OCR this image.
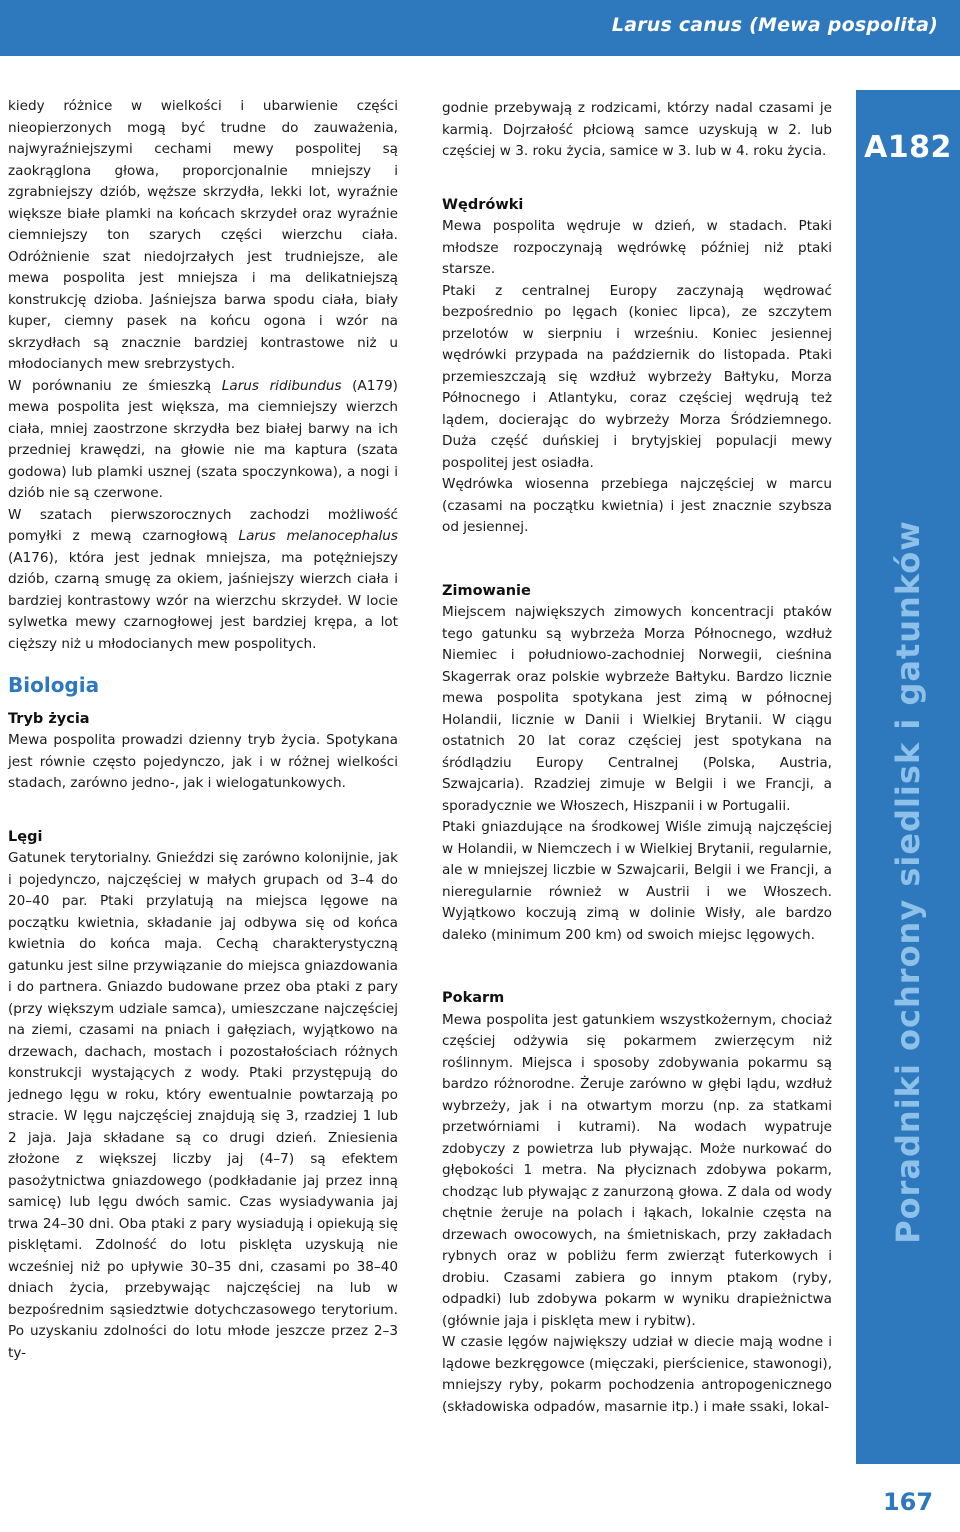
Larus canus (Mewa pospolita)
A182
Poradniki ochrony siedlisk i gatunków
167

kiedy różnice w wielkości i ubarwienie części nieopierzonych mogą być trudne do zauważenia, najwyraźniejszymi cechami mewy pospolitej są zaokrąglona głowa, proporcjonalnie mniejszy i zgrabniejszy dziób, węższe skrzydła, lekki lot, wyraźnie większe białe plamki na końcach skrzydeł oraz wyraźnie ciemniejszy ton szarych części wierzchu ciała. Odróżnienie szat niedojrzałych jest trudniejsze, ale mewa pospolita jest mniejsza i ma delikatniejszą konstrukcję dzioba. Jaśniejsza barwa spodu ciała, biały kuper, ciemny pasek na końcu ogona i wzór na skrzydłach są znacznie bardziej kontrastowe niż u młodocianych mew srebrzystych.

W porównaniu ze śmieszką Larus ridibundus (A179) mewa pospolita jest większa, ma ciemniejszy wierzch ciała, mniej zaostrzone skrzydła bez białej barwy na ich przedniej krawędzi, na głowie nie ma kaptura (szata godowa) lub plamki usznej (szata spoczynkowa), a nogi i dziób nie są czerwone.

W szatach pierwszorocznych zachodzi możliwość pomyłki z mewą czarnogłową Larus melanocephalus (A176), która jest jednak mniejsza, ma potężniejszy dziób, czarną smugę za okiem, jaśniejszy wierzch ciała i bardziej kontrastowy wzór na wierzchu skrzydeł. W locie sylwetka mewy czarnogłowej jest bardziej krępa, a lot cięższy niż u młodocianych mew pospolitych.

Biologia
Tryb życia

Mewa pospolita prowadzi dzienny tryb życia. Spotykana jest równie często pojedynczo, jak i w różnej wielkości stadach, zarówno jedno-, jak i wielogatunkowych.

Lęgi

Gatunek terytorialny. Gnieździ się zarówno kolonijnie, jak i pojedynczo, najczęściej w małych grupach od 3–4 do 20–40 par. Ptaki przylatują na miejsca lęgowe na początku kwietnia, składanie jaj odbywa się od końca kwietnia do końca maja. Cechą charakterystyczną gatunku jest silne przywiązanie do miejsca gniazdowania i do partnera. Gniazdo budowane przez oba ptaki z pary (przy większym udziale samca), umieszczane najczęściej na ziemi, czasami na pniach i gałęziach, wyjątkowo na drzewach, dachach, mostach i pozostałościach różnych konstrukcji wystających z wody. Ptaki przystępują do jednego lęgu w roku, który ewentualnie powtarzają po stracie. W lęgu najczęściej znajdują się 3, rzadziej 1 lub 2 jaja. Jaja składane są co drugi dzień. Zniesienia złożone z większej liczby jaj (4–7) są efektem pasożytnictwa gniazdowego (podkładanie jaj przez inną samicę) lub lęgu dwóch samic. Czas wysiadywania jaj trwa 24–30 dni. Oba ptaki z pary wysiadują i opiekują się pisklętami. Zdolność do lotu pisklęta uzyskują nie wcześniej niż po upływie 30–35 dni, czasami po 38–40 dniach życia, przebywając najczęściej na lub w bezpośrednim sąsiedztwie dotychczasowego terytorium. Po uzyskaniu zdolności do lotu młode jeszcze przez 2–3 ty-

godnie przebywają z rodzicami, którzy nadal czasami je karmią. Dojrzałość płciową samce uzyskują w 2. lub częściej w 3. roku życia, samice w 3. lub w 4. roku życia.

Wędrówki

Mewa pospolita wędruje w dzień, w stadach. Ptaki młodsze rozpoczynają wędrówkę później niż ptaki starsze.

Ptaki z centralnej Europy zaczynają wędrować bezpośrednio po lęgach (koniec lipca), ze szczytem przelotów w sierpniu i wrześniu. Koniec jesiennej wędrówki przypada na październik do listopada. Ptaki przemieszczają się wzdłuż wybrzeży Bałtyku, Morza Północnego i Atlantyku, coraz częściej wędrują też lądem, docierając do wybrzeży Morza Śródziemnego. Duża część duńskiej i brytyjskiej populacji mewy pospolitej jest osiadła.

Wędrówka wiosenna przebiega najczęściej w marcu (czasami na początku kwietnia) i jest znacznie szybsza od jesiennej.

Zimowanie

Miejscem największych zimowych koncentracji ptaków tego gatunku są wybrzeża Morza Północnego, wzdłuż Niemiec i południowo-zachodniej Norwegii, cieśnina Skagerrak oraz polskie wybrzeże Bałtyku. Bardzo licznie mewa pospolita spotykana jest zimą w północnej Holandii, licznie w Danii i Wielkiej Brytanii. W ciągu ostatnich 20 lat coraz częściej jest spotykana na śródlądziu Europy Centralnej (Polska, Austria, Szwajcaria). Rzadziej zimuje w Belgii i we Francji, a sporadycznie we Włoszech, Hiszpanii i w Portugalii.

Ptaki gniazdujące na środkowej Wiśle zimują najczęściej w Holandii, w Niemczech i w Wielkiej Brytanii, regularnie, ale w mniejszej liczbie w Szwajcarii, Belgii i we Francji, a nieregularnie również w Austrii i we Włoszech. Wyjątkowo koczują zimą w dolinie Wisły, ale bardzo daleko (minimum 200 km) od swoich miejsc lęgowych.

Pokarm

Mewa pospolita jest gatunkiem wszystkożernym, chociaż częściej odżywia się pokarmem zwierzęcym niż roślinnym. Miejsca i sposoby zdobywania pokarmu są bardzo różnorodne. Żeruje zarówno w głębi lądu, wzdłuż wybrzeży, jak i na otwartym morzu (np. za statkami przetwórniami i kutrami). Na wodach wypatruje zdobyczy z powietrza lub pływając. Może nurkować do głębokości 1 metra. Na płyciznach zdobywa pokarm, chodząc lub pływając z zanurzoną głowa. Z dala od wody chętnie żeruje na polach i łąkach, lokalnie częsta na drzewach owocowych, na śmietniskach, przy zakładach rybnych oraz w pobliżu ferm zwierząt futerkowych i drobiu. Czasami zabiera go innym ptakom (ryby, odpadki) lub zdobywa pokarm w wyniku drapieżnictwa (głównie jaja i pisklęta mew i rybitw).

W czasie lęgów największy udział w diecie mają wodne i lądowe bezkręgowce (mięczaki, pierścienice, stawonogi), mniejszy ryby, pokarm pochodzenia antropogenicznego (składowiska odpadów, masarnie itp.) i małe ssaki, lokal-
